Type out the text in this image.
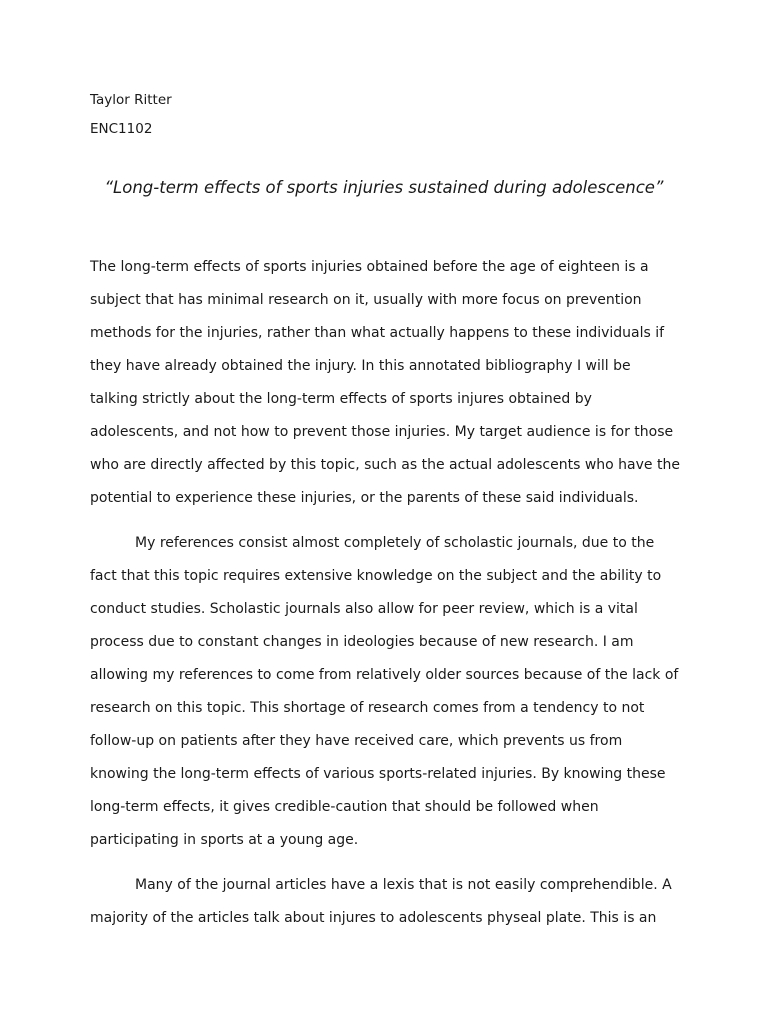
Taylor Ritter
ENC1102
“Long-term effects of sports injuries sustained during adolescence”

The long-term effects of sports injuries obtained before the age of eighteen is a subject that has minimal research on it, usually with more focus on prevention methods for the injuries, rather than what actually happens to these individuals if they have already obtained the injury. In this annotated bibliography I will be talking strictly about the long-term effects of sports injures obtained by adolescents, and not how to prevent those injuries. My target audience is for those who are directly affected by this topic, such as the actual adolescents who have the potential to experience these injuries, or the parents of these said individuals.

My references consist almost completely of scholastic journals, due to the fact that this topic requires extensive knowledge on the subject and the ability to conduct studies. Scholastic journals also allow for peer review, which is a vital process due to constant changes in ideologies because of new research. I am allowing my references to come from relatively older sources because of the lack of research on this topic. This shortage of research comes from a tendency to not follow-up on patients after they have received care, which prevents us from knowing the long-term effects of various sports-related injuries. By knowing these long-term effects, it gives credible-caution that should be followed when participating in sports at a young age.

Many of the journal articles have a lexis that is not easily comprehendible. A majority of the articles talk about injures to adolescents physeal plate. This is an
